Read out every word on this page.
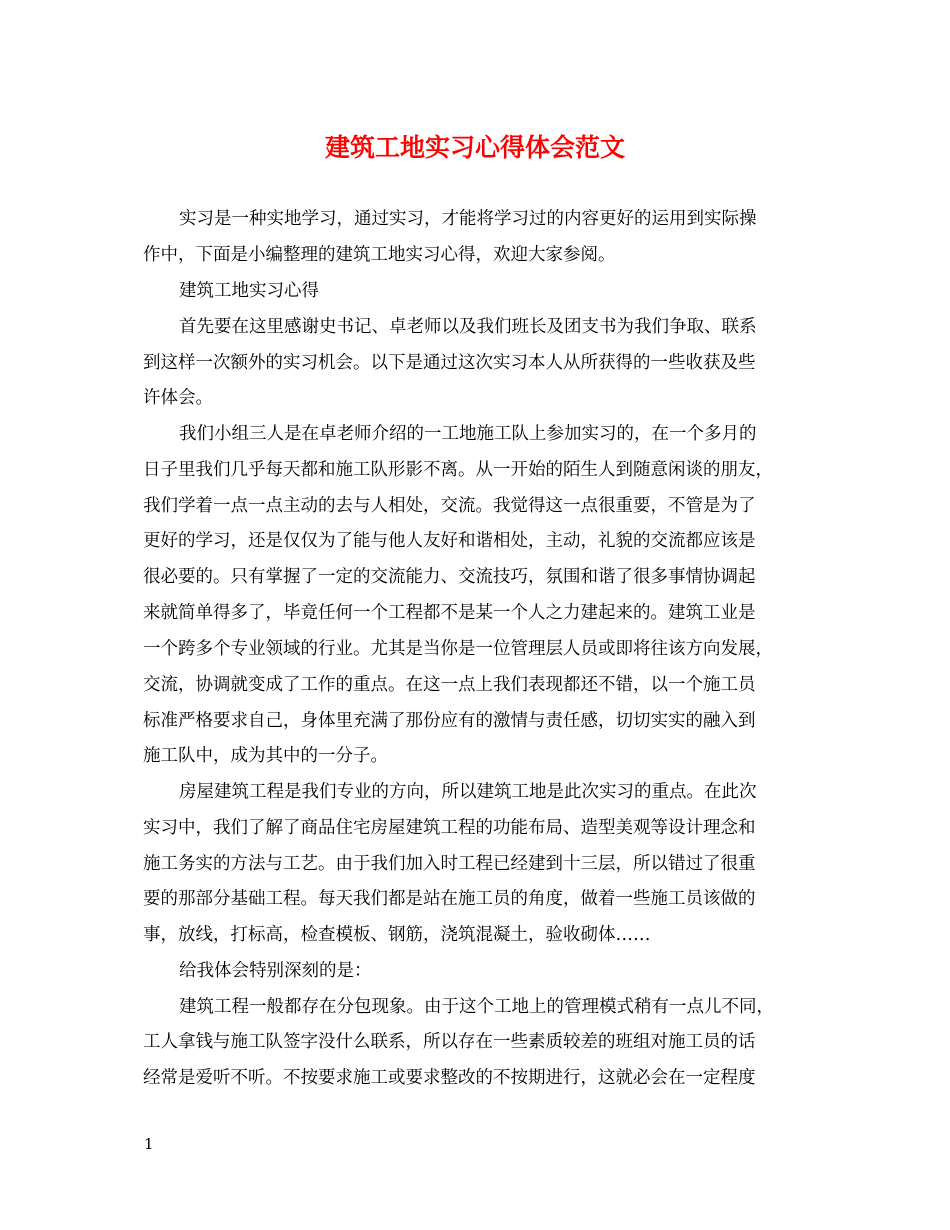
建筑工地实习心得体会范文

实习是一种实地学习，通过实习，才能将学习过的内容更好的运用到实际操

作中，下面是小编整理的建筑工地实习心得，欢迎大家参阅。

建筑工地实习心得

首先要在这里感谢史书记、卓老师以及我们班长及团支书为我们争取、联系

到这样一次额外的实习机会。以下是通过这次实习本人从所获得的一些收获及些

许体会。

我们小组三人是在卓老师介绍的一工地施工队上参加实习的，在一个多月的

日子里我们几乎每天都和施工队形影不离。从一开始的陌生人到随意闲谈的朋友，

我们学着一点一点主动的去与人相处，交流。我觉得这一点很重要，不管是为了

更好的学习，还是仅仅为了能与他人友好和谐相处，主动，礼貌的交流都应该是

很必要的。只有掌握了一定的交流能力、交流技巧，氛围和谐了很多事情协调起

来就简单得多了，毕竟任何一个工程都不是某一个人之力建起来的。建筑工业是

一个跨多个专业领域的行业。尤其是当你是一位管理层人员或即将往该方向发展，

交流，协调就变成了工作的重点。在这一点上我们表现都还不错，以一个施工员

标准严格要求自己，身体里充满了那份应有的激情与责任感，切切实实的融入到

施工队中，成为其中的一分子。

房屋建筑工程是我们专业的方向，所以建筑工地是此次实习的重点。在此次

实习中，我们了解了商品住宅房屋建筑工程的功能布局、造型美观等设计理念和

施工务实的方法与工艺。由于我们加入时工程已经建到十三层，所以错过了很重

要的那部分基础工程。每天我们都是站在施工员的角度，做着一些施工员该做的

事，放线，打标高，检查模板、钢筋，浇筑混凝土，验收砌体……

给我体会特别深刻的是：

建筑工程一般都存在分包现象。由于这个工地上的管理模式稍有一点儿不同，

工人拿钱与施工队签字没什么联系，所以存在一些素质较差的班组对施工员的话

经常是爱听不听。不按要求施工或要求整改的不按期进行，这就必会在一定程度

1
